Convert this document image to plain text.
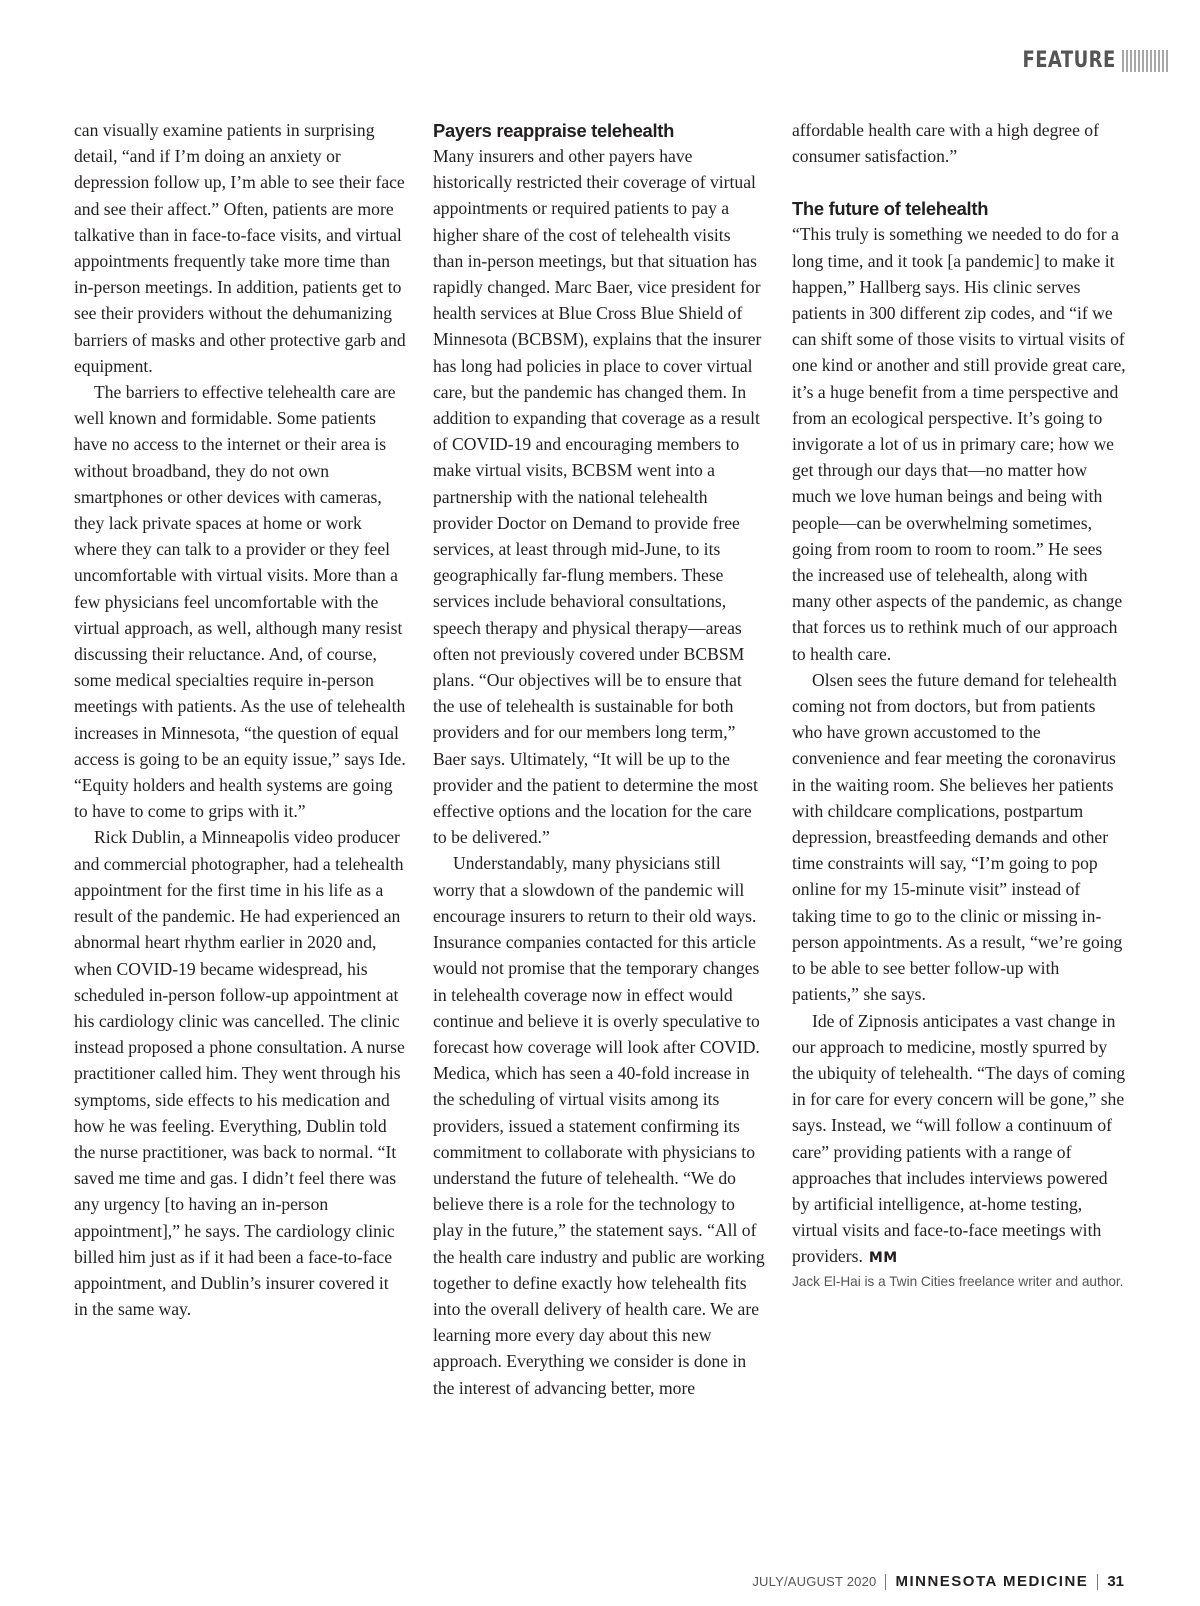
FEATURE

can visually examine patients in surprising detail, “and if I’m doing an anxiety or depression follow up, I’m able to see their face and see their affect.” Often, patients are more talkative than in face-to-face visits, and virtual appointments frequently take more time than in-person meetings. In addition, patients get to see their providers without the dehumanizing barriers of masks and other protective garb and equipment.

The barriers to effective telehealth care are well known and formidable. Some patients have no access to the internet or their area is without broadband, they do not own smartphones or other devices with cameras, they lack private spaces at home or work where they can talk to a provider or they feel uncomfortable with virtual visits. More than a few physicians feel uncomfortable with the virtual approach, as well, although many resist discussing their reluctance. And, of course, some medical specialties require in-person meetings with patients. As the use of telehealth increases in Minnesota, “the question of equal access is going to be an equity issue,” says Ide. “Equity holders and health systems are going to have to come to grips with it.”

Rick Dublin, a Minneapolis video producer and commercial photographer, had a telehealth appointment for the first time in his life as a result of the pandemic. He had experienced an abnormal heart rhythm earlier in 2020 and, when COVID-19 became widespread, his scheduled in-person follow-up appointment at his cardiology clinic was cancelled. The clinic instead proposed a phone consultation. A nurse practitioner called him. They went through his symptoms, side effects to his medication and how he was feeling. Everything, Dublin told the nurse practitioner, was back to normal. “It saved me time and gas. I didn’t feel there was any urgency [to having an in-person appointment],” he says. The cardiology clinic billed him just as if it had been a face-to-face appointment, and Dublin’s insurer covered it in the same way.

Payers reappraise telehealth

Many insurers and other payers have historically restricted their coverage of virtual appointments or required patients to pay a higher share of the cost of telehealth visits than in-person meetings, but that situation has rapidly changed. Marc Baer, vice president for health services at Blue Cross Blue Shield of Minnesota (BCBSM), explains that the insurer has long had policies in place to cover virtual care, but the pandemic has changed them. In addition to expanding that coverage as a result of COVID-19 and encouraging members to make virtual visits, BCBSM went into a partnership with the national telehealth provider Doctor on Demand to provide free services, at least through mid-June, to its geographically far-flung members. These services include behavioral consultations, speech therapy and physical therapy—areas often not previously covered under BCBSM plans. “Our objectives will be to ensure that the use of telehealth is sustainable for both providers and for our members long term,” Baer says. Ultimately, “It will be up to the provider and the patient to determine the most effective options and the location for the care to be delivered.”

Understandably, many physicians still worry that a slowdown of the pandemic will encourage insurers to return to their old ways. Insurance companies contacted for this article would not promise that the temporary changes in telehealth coverage now in effect would continue and believe it is overly speculative to forecast how coverage will look after COVID. Medica, which has seen a 40-fold increase in the scheduling of virtual visits among its providers, issued a statement confirming its commitment to collaborate with physicians to understand the future of telehealth. “We do believe there is a role for the technology to play in the future,” the statement says. “All of the health care industry and public are working together to define exactly how telehealth fits into the overall delivery of health care. We are learning more every day about this new approach. Everything we consider is done in the interest of advancing better, more

affordable health care with a high degree of consumer satisfaction.”

The future of telehealth

“This truly is something we needed to do for a long time, and it took [a pandemic] to make it happen,” Hallberg says. His clinic serves patients in 300 different zip codes, and “if we can shift some of those visits to virtual visits of one kind or another and still provide great care, it’s a huge benefit from a time perspective and from an ecological perspective. It’s going to invigorate a lot of us in primary care; how we get through our days that—no matter how much we love human beings and being with people—can be overwhelming sometimes, going from room to room to room.” He sees the increased use of telehealth, along with many other aspects of the pandemic, as change that forces us to rethink much of our approach to health care.

Olsen sees the future demand for telehealth coming not from doctors, but from patients who have grown accustomed to the convenience and fear meeting the coronavirus in the waiting room. She believes her patients with childcare complications, postpartum depression, breastfeeding demands and other time constraints will say, “I’m going to pop online for my 15-minute visit” instead of taking time to go to the clinic or missing in-person appointments. As a result, “we’re going to be able to see better follow-up with patients,” she says.

Ide of Zipnosis anticipates a vast change in our approach to medicine, mostly spurred by the ubiquity of telehealth. “The days of coming in for care for every concern will be gone,” she says. Instead, we “will follow a continuum of care” providing patients with a range of approaches that includes interviews powered by artificial intelligence, at-home testing, virtual visits and face-to-face meetings with providers. MM

Jack El-Hai is a Twin Cities freelance writer and author.

JULY/AUGUST 2020 MINNESOTA MEDICINE 31
